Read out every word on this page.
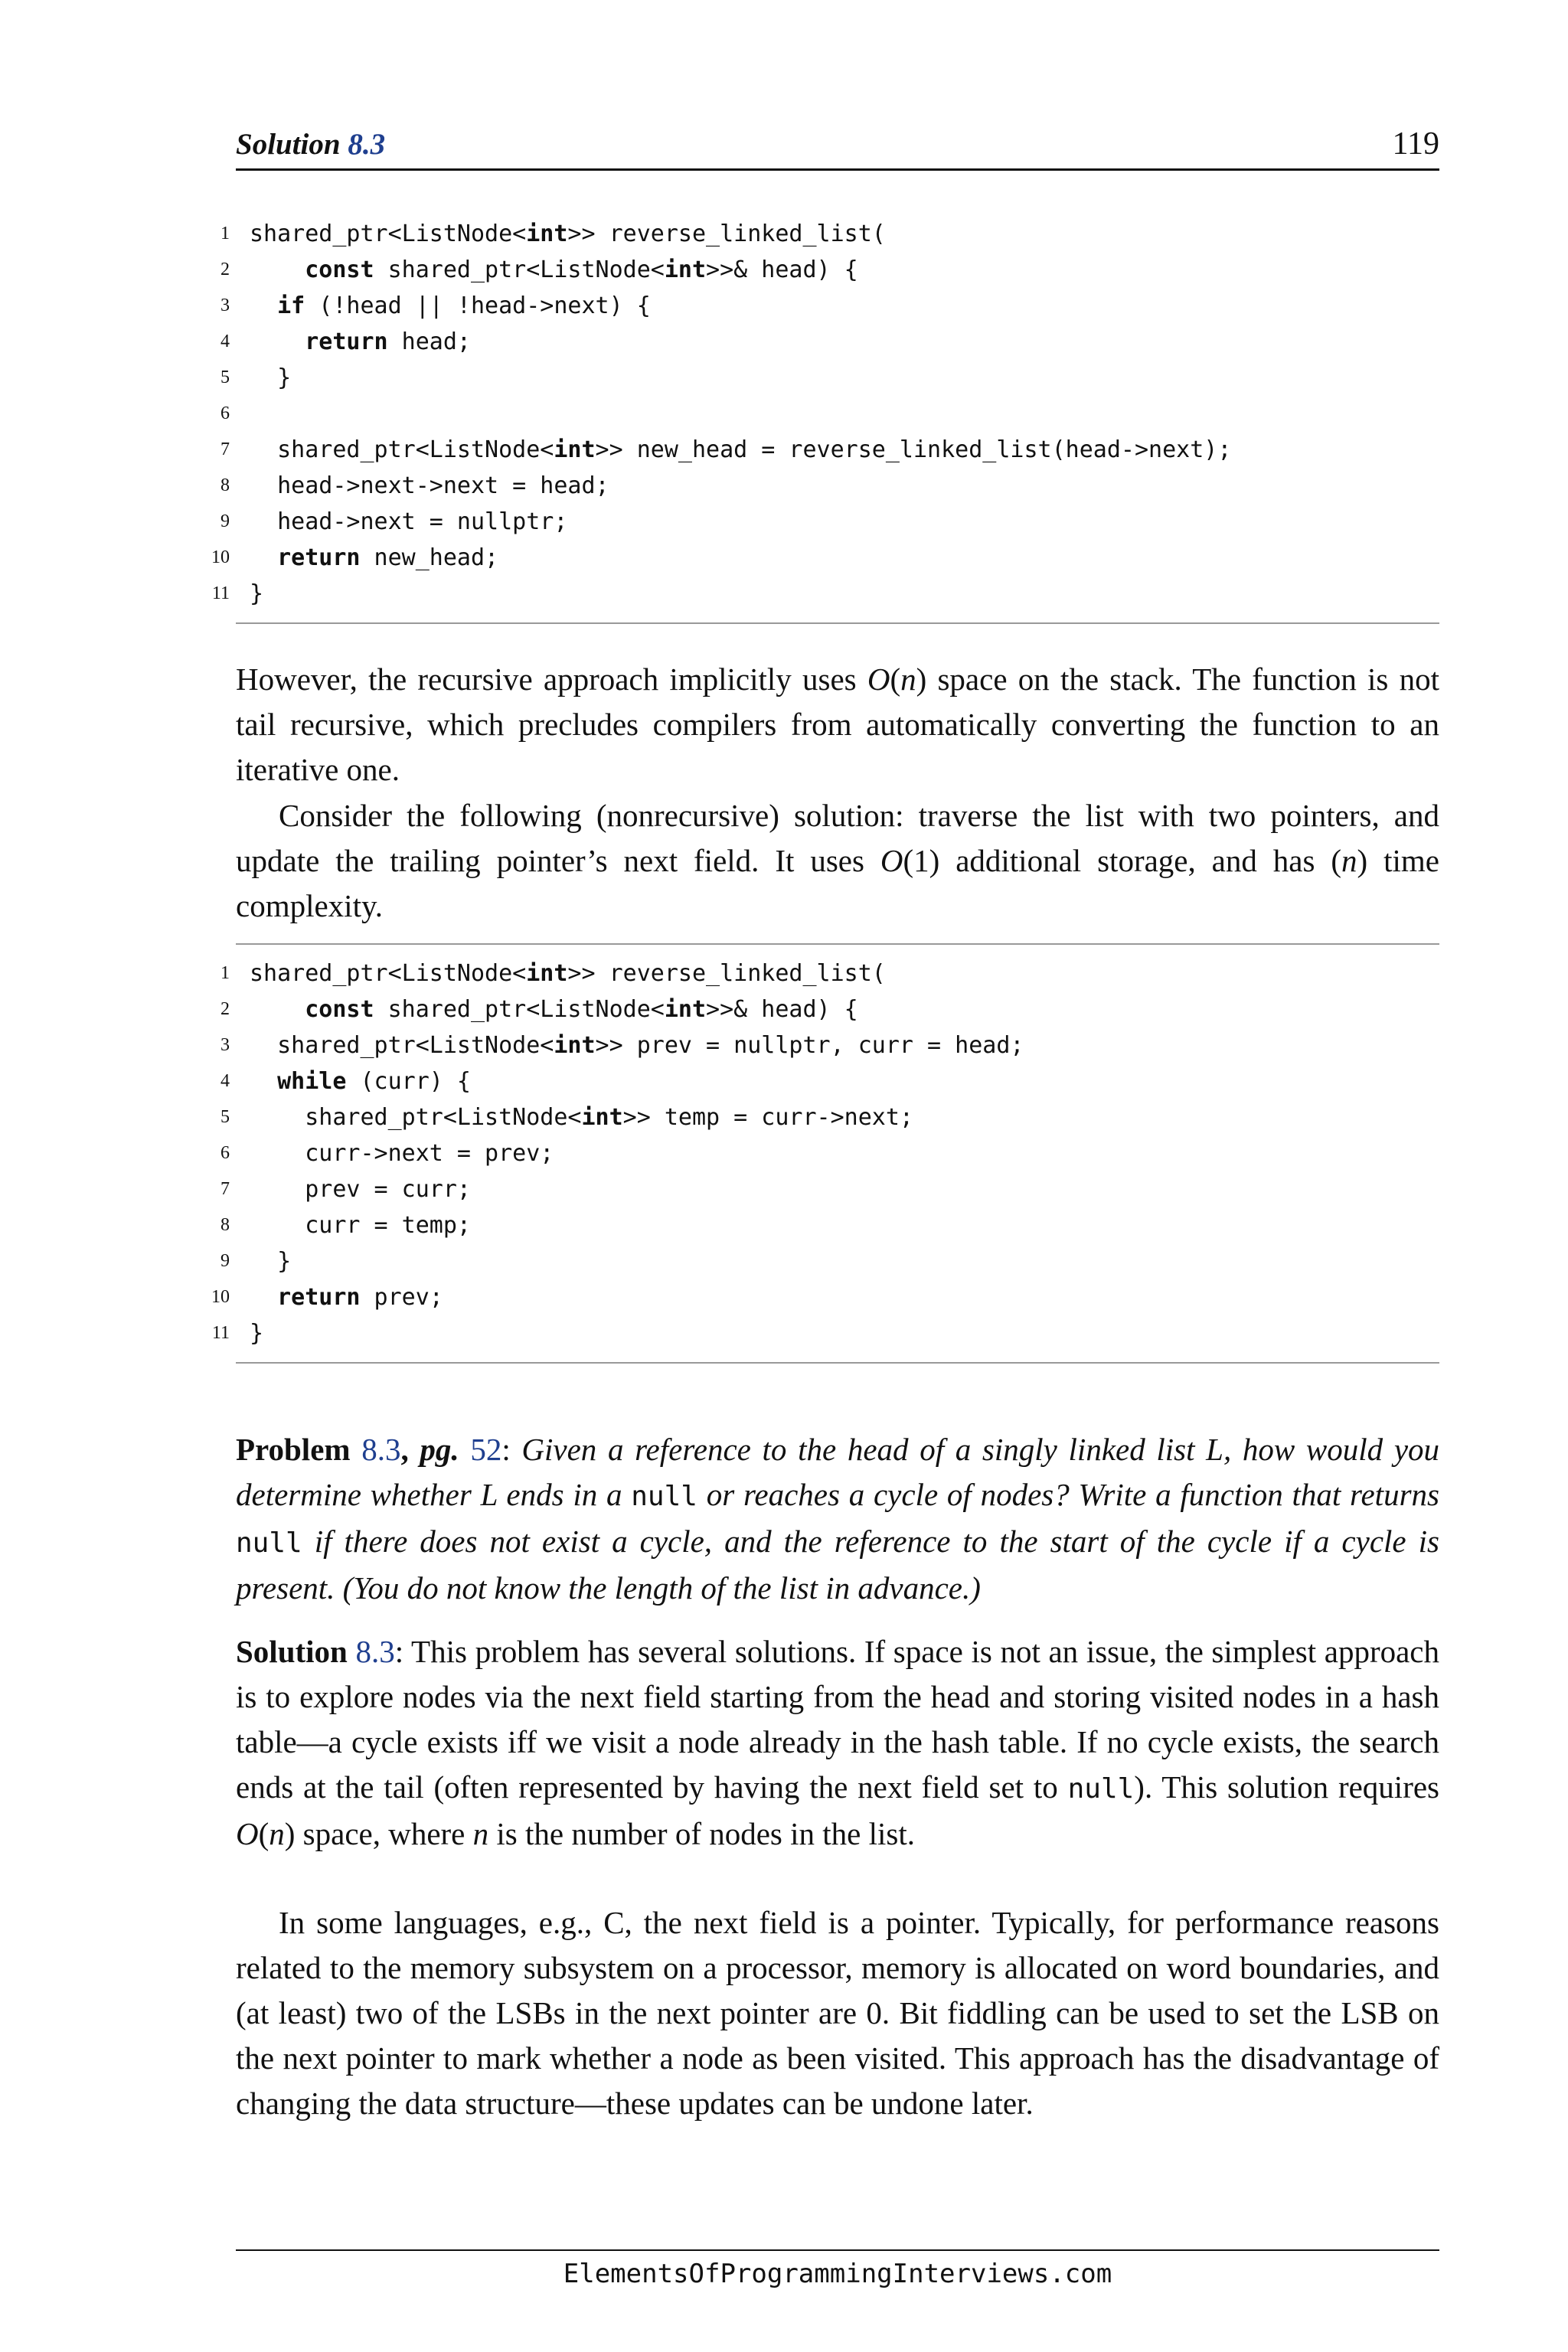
Solution 8.3	119
1 shared_ptr<ListNode<int>> reverse_linked_list(
2	const shared_ptr<ListNode<int>>& head) {
3	if (!head || !head->next) {
4	return head;
5 }
6
7 shared_ptr<ListNode<int>> new_head = reverse_linked_list(head->next);
8 head->next->next = head;
9 head->next = nullptr;
10	return new_head;
11 }
However, the recursive approach implicitly uses O(n) space on the stack. The function is not tail recursive, which precludes compilers from automatically converting the function to an iterative one.
Consider the following (nonrecursive) solution: traverse the list with two pointers, and update the trailing pointer’s next field. It uses O(1) additional storage, and has (n) time complexity.
1 shared_ptr<ListNode<int>> reverse_linked_list(
2	const shared_ptr<ListNode<int>>& head) {
3 shared_ptr<ListNode<int>> prev = nullptr, curr = head;
4	while (curr) {
5 shared_ptr<ListNode<int>> temp = curr->next;
6 curr->next = prev;
7 prev = curr;
8 curr = temp;
9 }
10	return prev;
11 }
Problem 8.3, pg. 52: Given a reference to the head of a singly linked list L, how would you determine whether L ends in a null or reaches a cycle of nodes? Write a function that returns null if there does not exist a cycle, and the reference to the start of the cycle if a cycle is present. (You do not know the length of the list in advance.)
Solution 8.3: This problem has several solutions. If space is not an issue, the simplest approach is to explore nodes via the next field starting from the head and storing visited nodes in a hash table—a cycle exists iff we visit a node already in the hash table. If no cycle exists, the search ends at the tail (often represented by having the next field set to null). This solution requires O(n) space, where n is the number of nodes in the list.
In some languages, e.g., C, the next field is a pointer. Typically, for performance reasons related to the memory subsystem on a processor, memory is allocated on word boundaries, and (at least) two of the LSBs in the next pointer are 0. Bit fiddling can be used to set the LSB on the next pointer to mark whether a node as been visited. This approach has the disadvantage of changing the data structure—these updates can be undone later.
ElementsOfProgrammingInterviews.com
